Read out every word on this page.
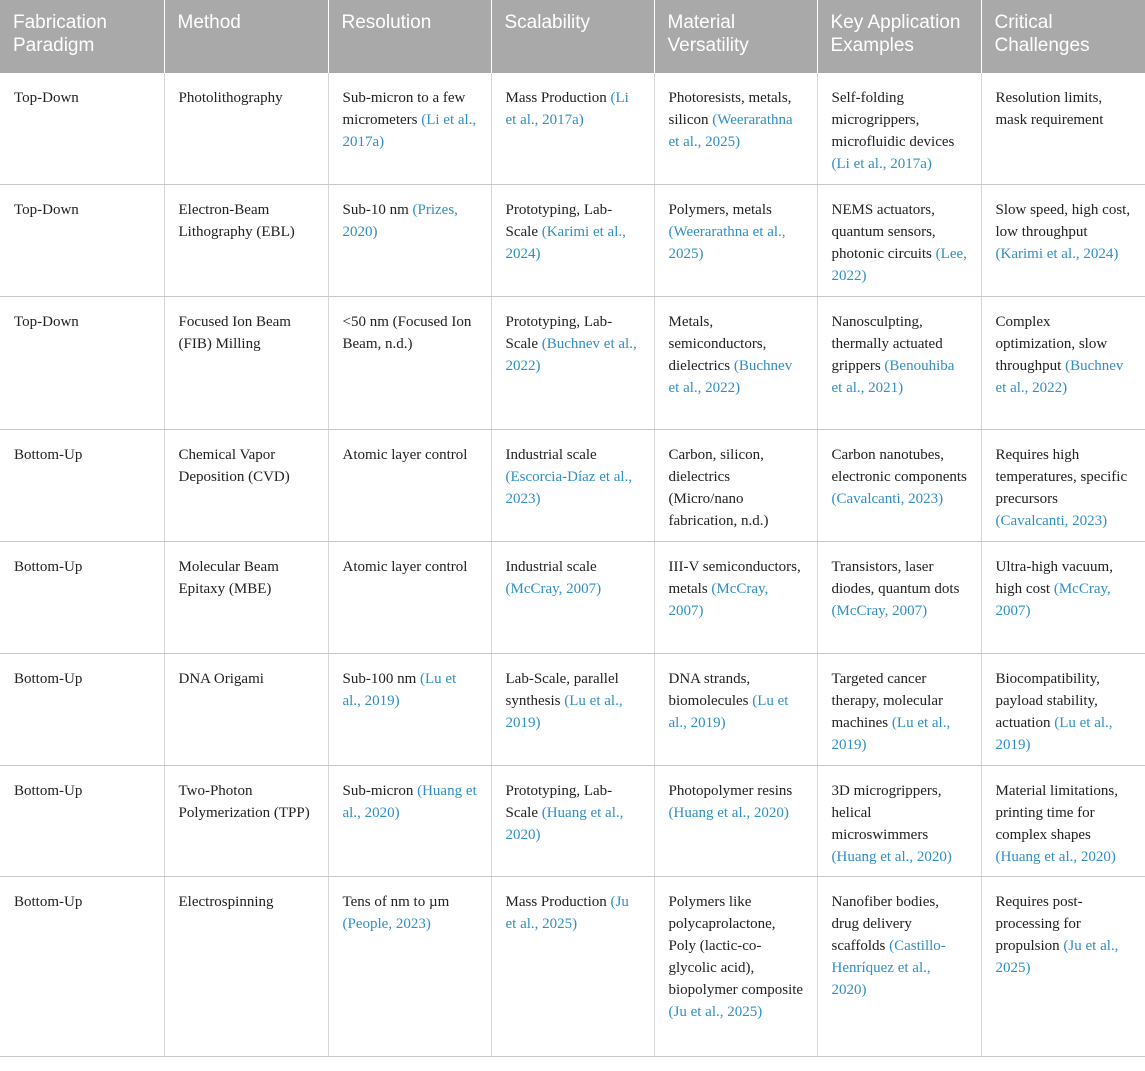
Fabrication Paradigm	Method	Resolution	Scalability	Material Versatility	Key Application Examples	Critical Challenges
Top-Down	Photolithography	Sub-micron to a few micrometers (Li et al., 2017a)	Mass Production (Li et al., 2017a)	Photoresists, metals, silicon (Weerarathna et al., 2025)	Self-folding microgrippers, microfluidic devices (Li et al., 2017a)	Resolution limits, mask requirement
Top-Down	Electron-Beam Lithography (EBL)	Sub-10 nm (Prizes, 2020)	Prototyping, Lab-Scale (Karimi et al., 2024)	Polymers, metals (Weerarathna et al., 2025)	NEMS actuators, quantum sensors, photonic circuits (Lee, 2022)	Slow speed, high cost, low throughput (Karimi et al., 2024)
Top-Down	Focused Ion Beam (FIB) Milling	<50 nm (Focused Ion Beam, n.d.)	Prototyping, Lab-Scale (Buchnev et al., 2022)	Metals, semiconductors, dielectrics (Buchnev et al., 2022)	Nanosculpting, thermally actuated grippers (Benouhiba et al., 2021)	Complex optimization, slow throughput (Buchnev et al., 2022)
Bottom-Up	Chemical Vapor Deposition (CVD)	Atomic layer control	Industrial scale (Escorcia-Díaz et al., 2023)	Carbon, silicon, dielectrics (Micro/nano fabrication, n.d.)	Carbon nanotubes, electronic components (Cavalcanti, 2023)	Requires high temperatures, specific precursors (Cavalcanti, 2023)
Bottom-Up	Molecular Beam Epitaxy (MBE)	Atomic layer control	Industrial scale (McCray, 2007)	III-V semiconductors, metals (McCray, 2007)	Transistors, laser diodes, quantum dots (McCray, 2007)	Ultra-high vacuum, high cost (McCray, 2007)
Bottom-Up	DNA Origami	Sub-100 nm (Lu et al., 2019)	Lab-Scale, parallel synthesis (Lu et al., 2019)	DNA strands, biomolecules (Lu et al., 2019)	Targeted cancer therapy, molecular machines (Lu et al., 2019)	Biocompatibility, payload stability, actuation (Lu et al., 2019)
Bottom-Up	Two-Photon Polymerization (TPP)	Sub-micron (Huang et al., 2020)	Prototyping, Lab-Scale (Huang et al., 2020)	Photopolymer resins (Huang et al., 2020)	3D microgrippers, helical microswimmers (Huang et al., 2020)	Material limitations, printing time for complex shapes (Huang et al., 2020)
Bottom-Up	Electrospinning	Tens of nm to µm (People, 2023)	Mass Production (Ju et al., 2025)	Polymers like polycaprolactone, Poly (lactic-co-glycolic acid), biopolymer composite (Ju et al., 2025)	Nanofiber bodies, drug delivery scaffolds (Castillo-Henríquez et al., 2020)	Requires post-processing for propulsion (Ju et al., 2025)
